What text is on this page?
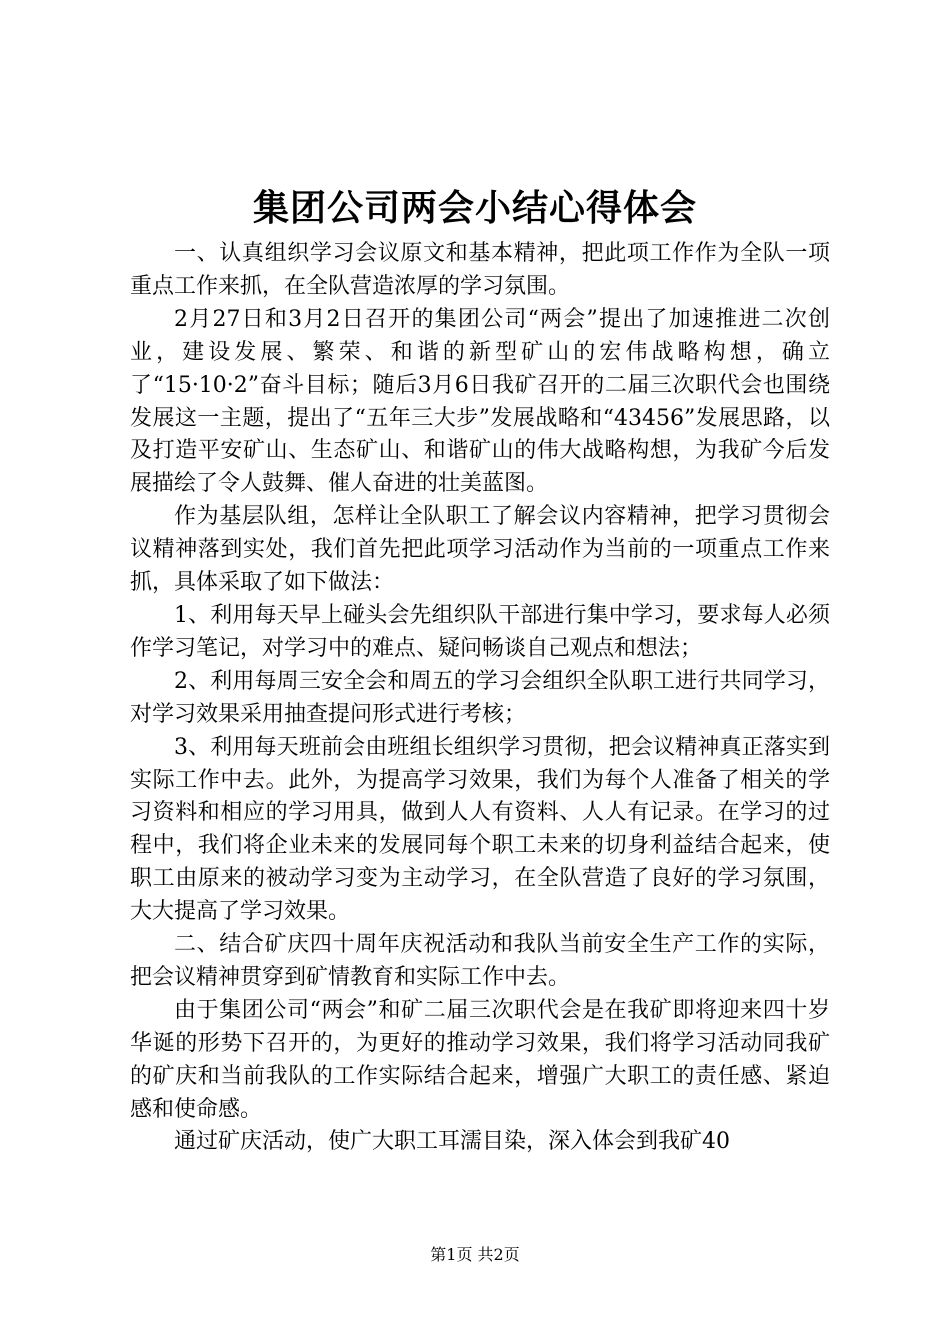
集团公司两会小结心得体会

一、认真组织学习会议原文和基本精神，把此项工作作为全队一项重点工作来抓，在全队营造浓厚的学习氛围。

2月27日和3月2日召开的集团公司“两会”提出了加速推进二次创业，建设发展、繁荣、和谐的新型矿山的宏伟战略构想，确立了“15·10·2”奋斗目标；随后3月6日我矿召开的二届三次职代会也围绕发展这一主题，提出了“五年三大步”发展战略和“43456”发展思路，以及打造平安矿山、生态矿山、和谐矿山的伟大战略构想，为我矿今后发展描绘了令人鼓舞、催人奋进的壮美蓝图。

作为基层队组，怎样让全队职工了解会议内容精神，把学习贯彻会议精神落到实处，我们首先把此项学习活动作为当前的一项重点工作来抓，具体采取了如下做法：

1、利用每天早上碰头会先组织队干部进行集中学习，要求每人必须作学习笔记，对学习中的难点、疑问畅谈自己观点和想法；

2、利用每周三安全会和周五的学习会组织全队职工进行共同学习，对学习效果采用抽查提问形式进行考核；

3、利用每天班前会由班组长组织学习贯彻，把会议精神真正落实到实际工作中去。此外，为提高学习效果，我们为每个人准备了相关的学习资料和相应的学习用具，做到人人有资料、人人有记录。在学习的过程中，我们将企业未来的发展同每个职工未来的切身利益结合起来，使职工由原来的被动学习变为主动学习，在全队营造了良好的学习氛围，大大提高了学习效果。

二、结合矿庆四十周年庆祝活动和我队当前安全生产工作的实际，把会议精神贯穿到矿情教育和实际工作中去。

由于集团公司“两会”和矿二届三次职代会是在我矿即将迎来四十岁华诞的形势下召开的，为更好的推动学习效果，我们将学习活动同我矿的矿庆和当前我队的工作实际结合起来，增强广大职工的责任感、紧迫感和使命感。

通过矿庆活动，使广大职工耳濡目染，深入体会到我矿40

第1页 共2页
